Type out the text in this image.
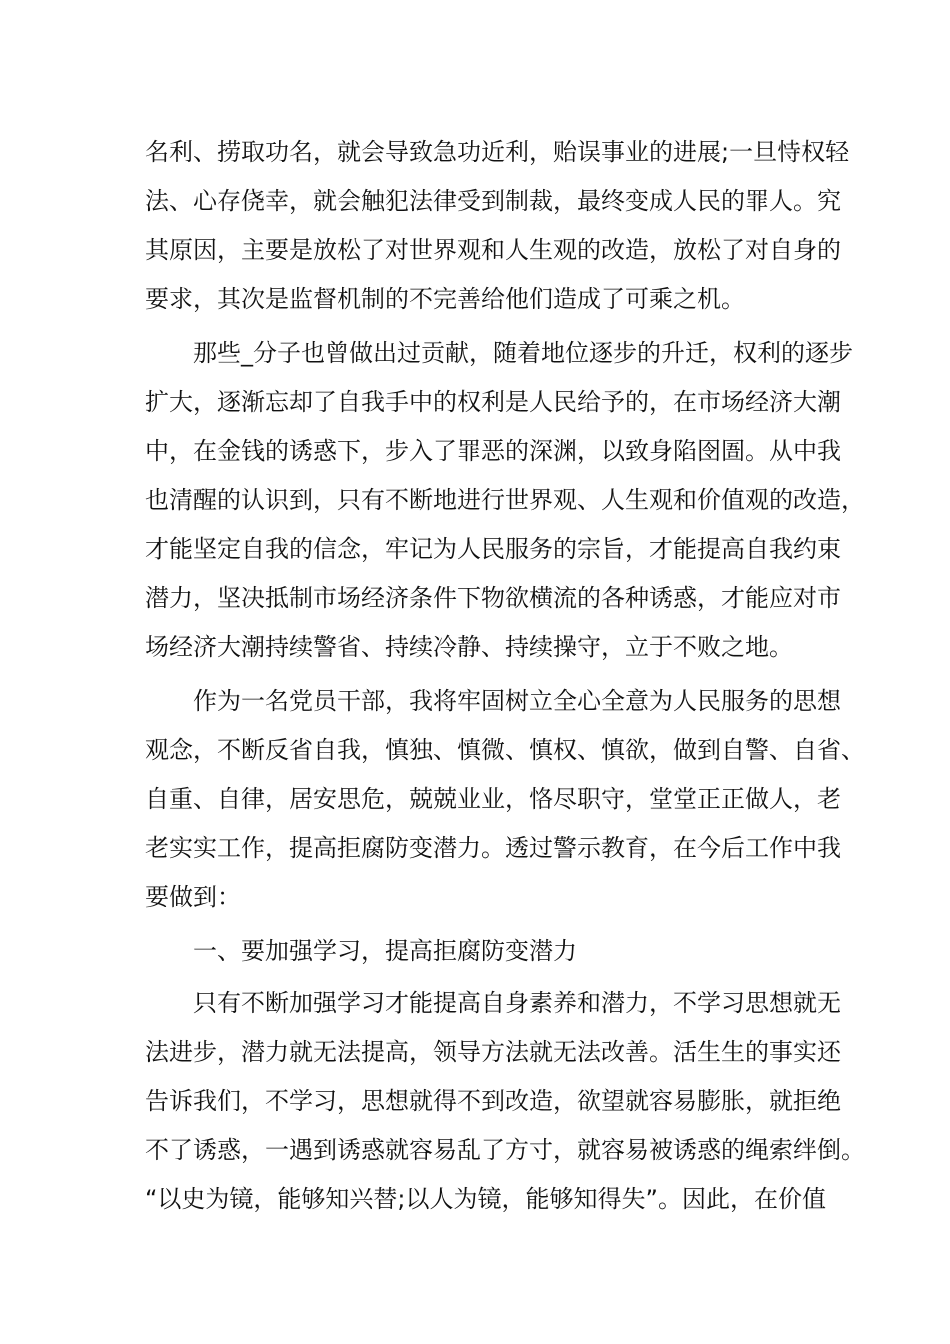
名利、捞取功名，就会导致急功近利，贻误事业的进展;一旦恃权轻
法、心存侥幸，就会触犯法律受到制裁，最终变成人民的罪人。究
其原因，主要是放松了对世界观和人生观的改造，放松了对自身的
要求，其次是监督机制的不完善给他们造成了可乘之机。
那些_分子也曾做出过贡献，随着地位逐步的升迁，权利的逐步
扩大，逐渐忘却了自我手中的权利是人民给予的，在市场经济大潮
中，在金钱的诱惑下，步入了罪恶的深渊，以致身陷囹圄。从中我
也清醒的认识到，只有不断地进行世界观、人生观和价值观的改造，
才能坚定自我的信念，牢记为人民服务的宗旨，才能提高自我约束
潜力，坚决抵制市场经济条件下物欲横流的各种诱惑，才能应对市
场经济大潮持续警省、持续冷静、持续操守，立于不败之地。
作为一名党员干部，我将牢固树立全心全意为人民服务的思想
观念，不断反省自我，慎独、慎微、慎权、慎欲，做到自警、自省、
自重、自律，居安思危，兢兢业业，恪尽职守，堂堂正正做人，老
老实实工作，提高拒腐防变潜力。透过警示教育，在今后工作中我
要做到：
一、要加强学习，提高拒腐防变潜力
只有不断加强学习才能提高自身素养和潜力，不学习思想就无
法进步，潜力就无法提高，领导方法就无法改善。活生生的事实还
告诉我们，不学习，思想就得不到改造，欲望就容易膨胀，就拒绝
不了诱惑，一遇到诱惑就容易乱了方寸，就容易被诱惑的绳索绊倒。
“以史为镜，能够知兴替;以人为镜，能够知得失”。因此，在价值
